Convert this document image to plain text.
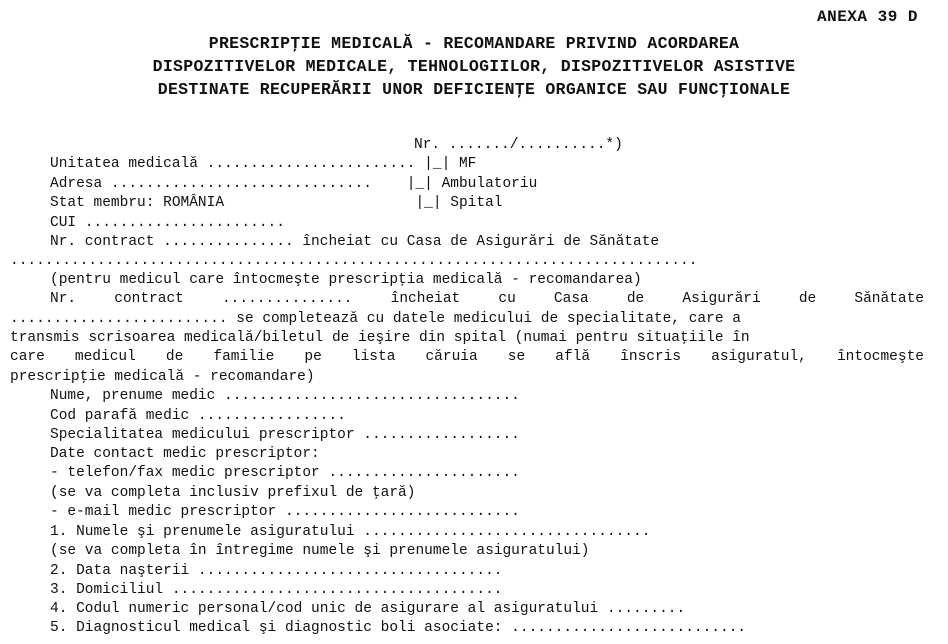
ANEXA 39 D
PRESCRIPŢIE MEDICALĂ - RECOMANDARE PRIVIND ACORDAREA
DISPOZITIVELOR MEDICALE, TEHNOLOGIILOR, DISPOZITIVELOR ASISTIVE
DESTINATE RECUPERĂRII UNOR DEFICIENŢE ORGANICE SAU FUNCŢIONALE
Nr. ......./..........*)
Unitatea medicală ........................ |_| MF
Adresa ..............................    |_| Ambulatoriu
Stat membru: ROMÂNIA                      |_| Spital
CUI .......................
Nr. contract ............... încheiat cu Casa de Asigurări de Sănătate
...............................................................................
(pentru medicul care întocmeşte prescripţia medicală - recomandarea)
Nr. contract ............... încheiat cu Casa de Asigurări de Sănătate
......................... se completează cu datele medicului de specialitate, care a
transmis scrisoarea medicală/biletul de ieşire din spital (numai pentru situaţiile în
care medicul de familie pe lista căruia se află înscris asiguratul, întocmeşte
prescripţie medicală - recomandare)
Nume, prenume medic ..................................
Cod parafă medic .................
Specialitatea medicului prescriptor ..................
Date contact medic prescriptor:
- telefon/fax medic prescriptor ......................
(se va completa inclusiv prefixul de ţară)
- e-mail medic prescriptor ...........................
1. Numele şi prenumele asiguratului .................................
(se va completa în întregime numele şi prenumele asiguratului)
2. Data naşterii ...................................
3. Domiciliul ......................................
4. Codul numeric personal/cod unic de asigurare al asiguratului .........
5. Diagnosticul medical şi diagnostic boli asociate: ...........................
